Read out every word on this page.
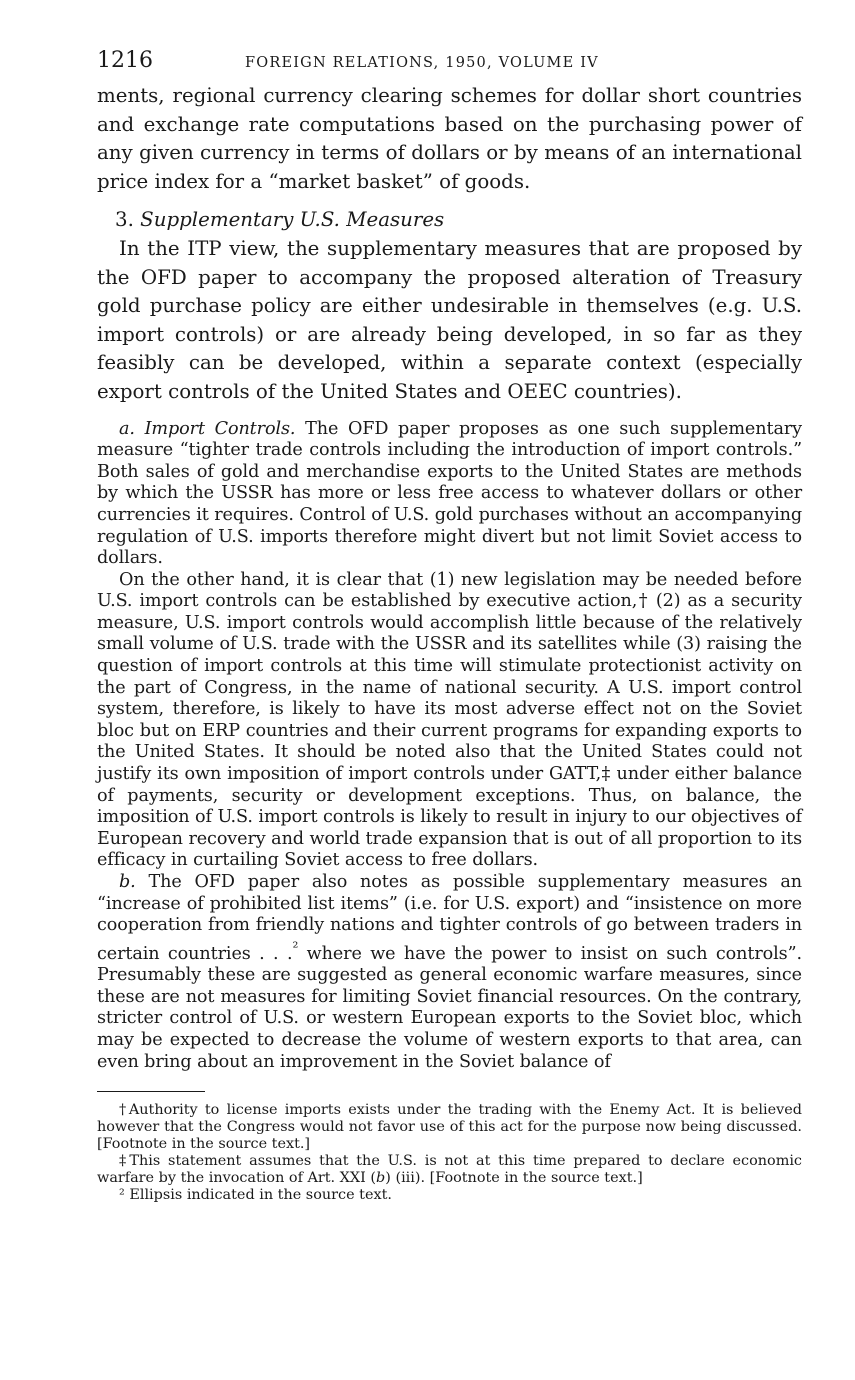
1216	FOREIGN RELATIONS, 1950, VOLUME IV

ments, regional currency clearing schemes for dollar short countries and exchange rate computations based on the purchasing power of any given currency in terms of dollars or by means of an international price index for a “market basket” of goods.

3. Supplementary U.S. Measures

In the ITP view, the supplementary measures that are proposed by the OFD paper to accompany the proposed alteration of Treasury gold purchase policy are either undesirable in themselves (e.g. U.S. import controls) or are already being developed, in so far as they feasibly can be developed, within a separate context (especially export controls of the United States and OEEC countries).

a. Import Controls. The OFD paper proposes as one such supplementary measure “tighter trade controls including the introduction of import controls.” Both sales of gold and merchandise exports to the United States are methods by which the USSR has more or less free access to whatever dollars or other currencies it requires. Control of U.S. gold purchases without an accompanying regulation of U.S. imports therefore might divert but not limit Soviet access to dollars.

On the other hand, it is clear that (1) new legislation may be needed before U.S. import controls can be established by executive action,† (2) as a security measure, U.S. import controls would accomplish little because of the relatively small volume of U.S. trade with the USSR and its satellites while (3) raising the question of import controls at this time will stimulate protectionist activity on the part of Congress, in the name of national security. A U.S. import control system, therefore, is likely to have its most adverse effect not on the Soviet bloc but on ERP countries and their current programs for expanding exports to the United States. It should be noted also that the United States could not justify its own imposition of import controls under GATT,‡ under either balance of payments, security or development exceptions. Thus, on balance, the imposition of U.S. import controls is likely to result in injury to our objectives of European recovery and world trade expansion that is out of all proportion to its efficacy in curtailing Soviet access to free dollars.

b. The OFD paper also notes as possible supplementary measures an “increase of prohibited list items” (i.e. for U.S. export) and “insistence on more cooperation from friendly nations and tighter controls of go between traders in certain countries . . .$^{^2}$ where we have the power to insist on such controls”. Presumably these are suggested as general economic warfare measures, since these are not measures for limiting Soviet financial resources. On the contrary, stricter control of U.S. or western European exports to the Soviet bloc, which may be expected to decrease the volume of western exports to that area, can even bring about an improvement in the Soviet balance of

†Authority to license imports exists under the trading with the Enemy Act. It is believed however that the Congress would not favor use of this act for the purpose now being discussed. [Footnote in the source text.]

‡This statement assumes that the U.S. is not at this time prepared to declare economic warfare by the invocation of Art. XXI (b) (iii). [Footnote in the source text.]

² Ellipsis indicated in the source text.
